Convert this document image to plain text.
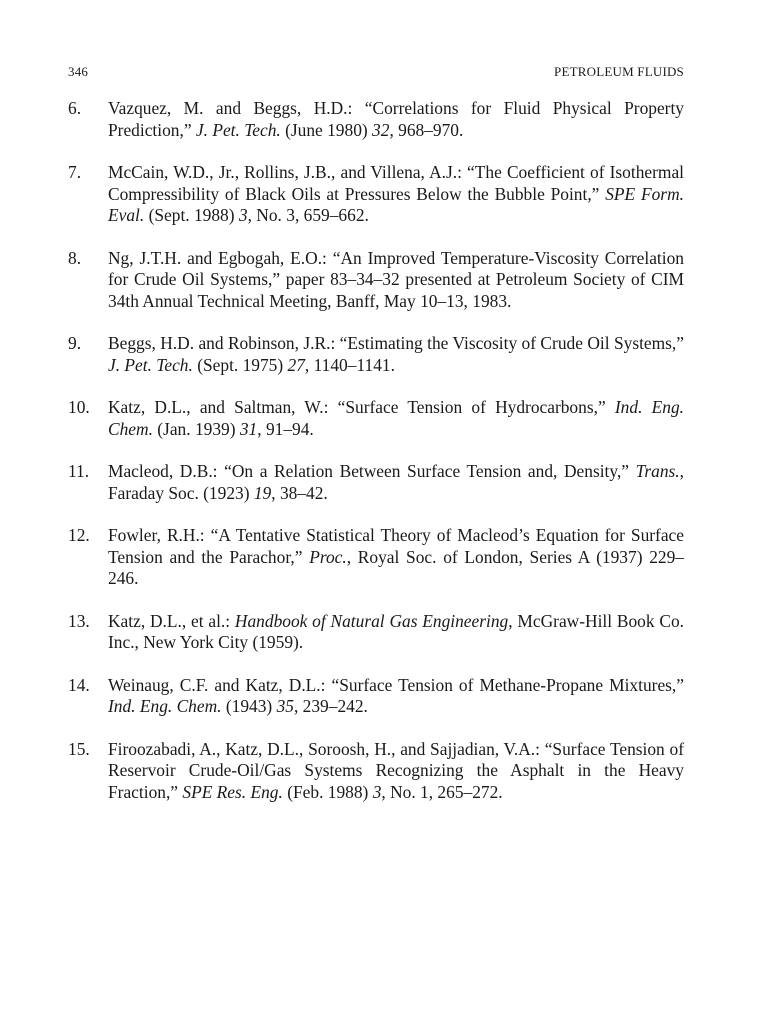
346	PETROLEUM FLUIDS
6. Vazquez, M. and Beggs, H.D.: “Correlations for Fluid Physical Property Prediction,” J. Pet. Tech. (June 1980) 32, 968–970.
7. McCain, W.D., Jr., Rollins, J.B., and Villena, A.J.: “The Coefficient of Isothermal Compressibility of Black Oils at Pressures Below the Bubble Point,” SPE Form. Eval. (Sept. 1988) 3, No. 3, 659–662.
8. Ng, J.T.H. and Egbogah, E.O.: “An Improved Temperature-Viscosity Correlation for Crude Oil Systems,” paper 83–34–32 presented at Petroleum Society of CIM 34th Annual Technical Meeting, Banff, May 10–13, 1983.
9. Beggs, H.D. and Robinson, J.R.: “Estimating the Viscosity of Crude Oil Systems,” J. Pet. Tech. (Sept. 1975) 27, 1140–1141.
10. Katz, D.L., and Saltman, W.: “Surface Tension of Hydrocarbons,” Ind. Eng. Chem. (Jan. 1939) 31, 91–94.
11. Macleod, D.B.: “On a Relation Between Surface Tension and, Density,” Trans., Faraday Soc. (1923) 19, 38–42.
12. Fowler, R.H.: “A Tentative Statistical Theory of Macleod’s Equation for Surface Tension and the Parachor,” Proc., Royal Soc. of London, Series A (1937) 229–246.
13. Katz, D.L., et al.: Handbook of Natural Gas Engineering, McGraw-Hill Book Co. Inc., New York City (1959).
14. Weinaug, C.F. and Katz, D.L.: “Surface Tension of Methane-Propane Mixtures,” Ind. Eng. Chem. (1943) 35, 239–242.
15. Firoozabadi, A., Katz, D.L., Soroosh, H., and Sajjadian, V.A.: “Surface Tension of Reservoir Crude-Oil/Gas Systems Recognizing the Asphalt in the Heavy Fraction,” SPE Res. Eng. (Feb. 1988) 3, No. 1, 265–272.
